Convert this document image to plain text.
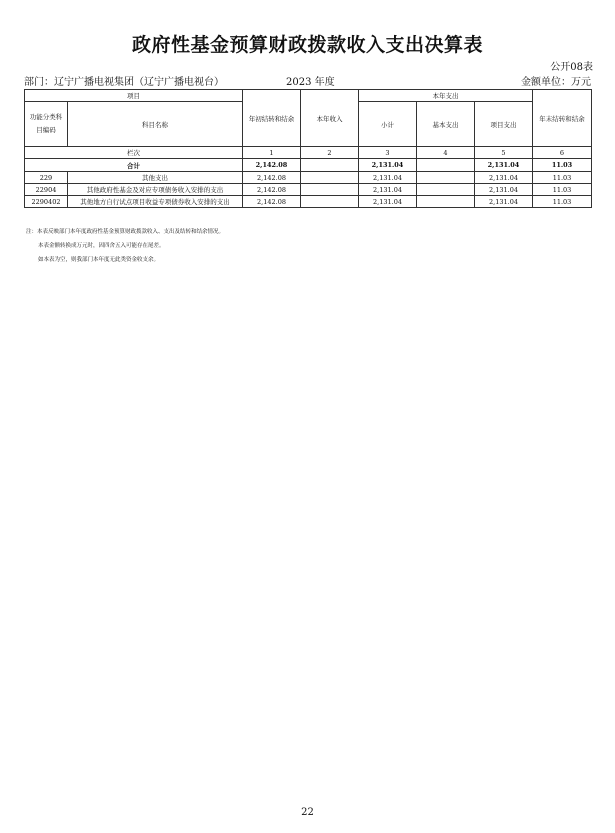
政府性基金预算财政拨款收入支出决算表
公开08表
部门：辽宁广播电视集团（辽宁广播电视台）	2023 年度	金额单位：万元
项目		年初结转和结余	本年收入	本年支出			年末结转和结余
功能分类科目编码	科目名称			小计	基本支出	项目支出	
栏次		1	2	3	4	5	6
合计		2,142.08		2,131.04		2,131.04	11.03
229	其他支出	2,142.08		2,131.04		2,131.04	11.03
22904	其他政府性基金及对应专项债务收入安排的支出	2,142.08		2,131.04		2,131.04	11.03
2290402	其他地方自行试点项目收益专项债券收入安排的支出	2,142.08		2,131.04		2,131.04	11.03
注：本表反映部门本年度政府性基金预算财政拨款收入、支出及结转和结余情况。
本表金额转换成万元时，因四舍五入可能存在尾差。
如本表为空，则我部门本年度无此类资金收支余。
22
